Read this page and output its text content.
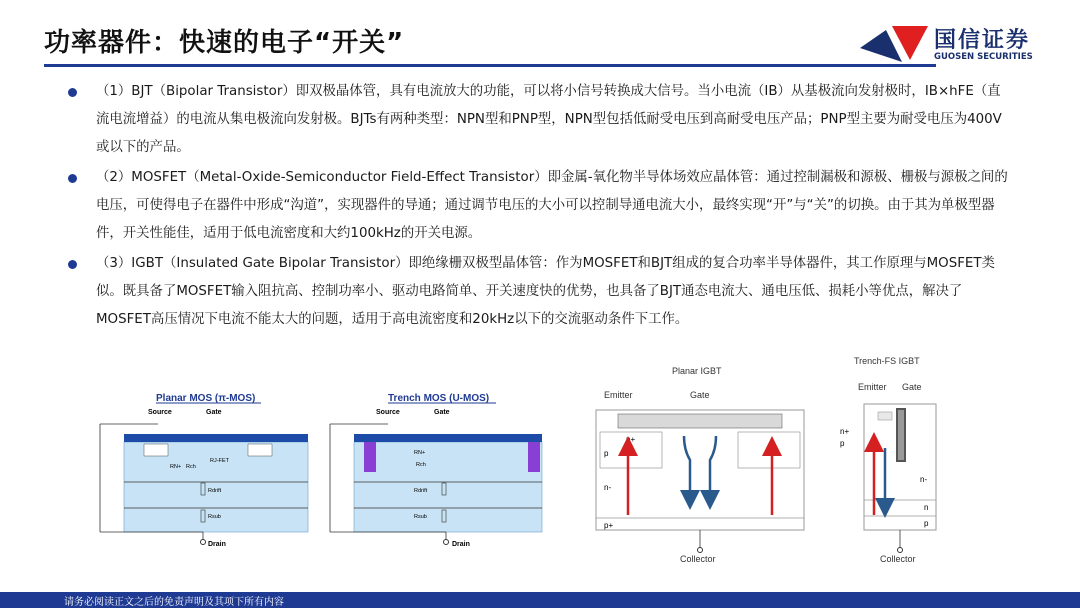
功率器件：快速的电子“开关”	国信证券
GUOSEN SECURITIES
（1）BJT（Bipolar Transistor）即双极晶体管，具有电流放大的功能，可以将小信号转换成大信号。当小电流（IB）从基极流向发射极时，IB×hFE（直流电流增益）的电流从集电极流向发射极。BJTs有两种类型：NPN型和PNP型，NPN型包括低耐受电压到高耐受电压产品；PNP型主要为耐受电压为400V或以下的产品。
（2）MOSFET（Metal-Oxide-Semiconductor Field-Effect Transistor）即金属-氧化物半导体场效应晶体管：通过控制漏极和源极、栅极与源极之间的电压，可使得电子在器件中形成“沟道”，实现器件的导通；通过调节电压的大小可以控制导通电流大小，最终实现“开”与“关”的切换。由于其为单极型器件，开关性能佳，适用于低电流密度和大约100kHz的开关电源。
（3）IGBT（Insulated Gate Bipolar Transistor）即绝缘栅双极型晶体管：作为MOSFET和BJT组成的复合功率半导体器件，其工作原理与MOSFET类似。既具备了MOSFET输入阻抗高、控制功率小、驱动电路简单、开关速度快的优势，也具备了BJT通态电流大、通电压低、损耗小等优点，解决了MOSFET高压情况下电流不能太大的问题，适用于高电流密度和20kHz以下的交流驱动条件下工作。
Planar MOS (π-MOS)
Source	Gate
Drain
RN+ Rch
RJ-FET
Rdrift
Rsub
Trench MOS (U-MOS)
Source	Gate
Drain
RN+
Rch
Rdrift
Rsub
Planar IGBT
Emitter	Gate
n+
p
n-
p+
Collector
Trench-FS IGBT
Emitter Gate
n+
p
n-
n
p
Collector
请务必阅读正文之后的免责声明及其项下所有内容
